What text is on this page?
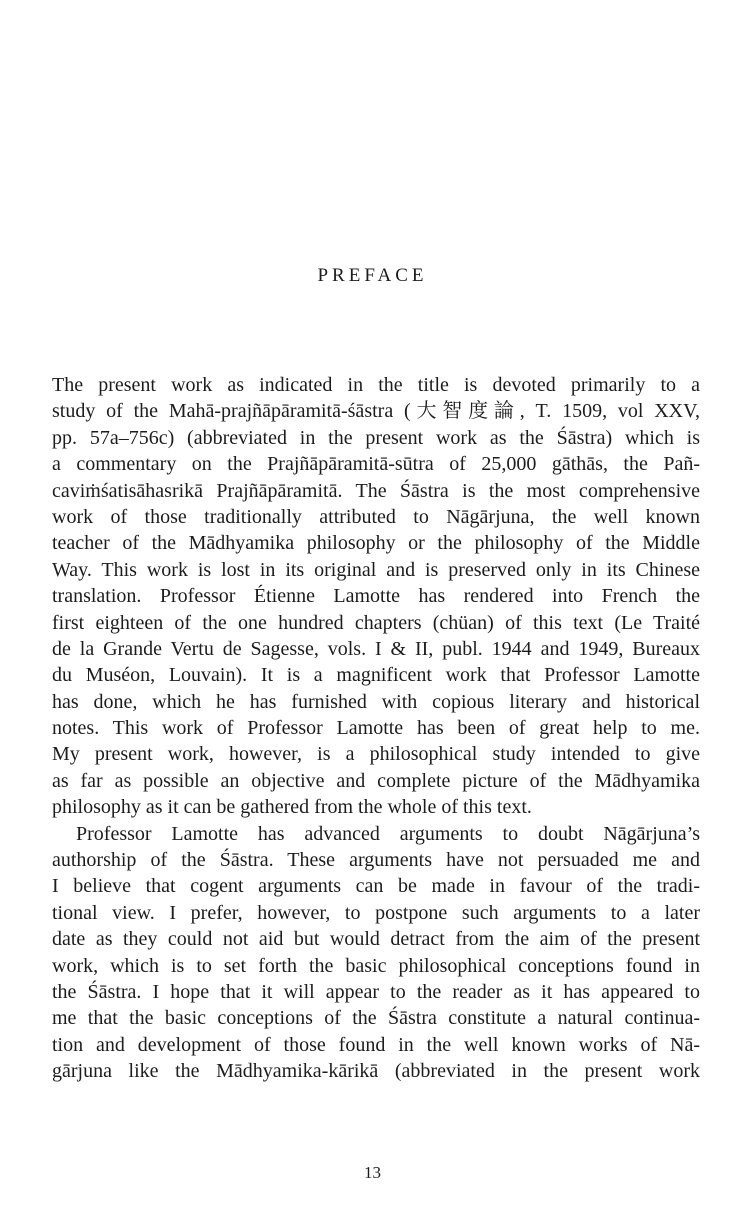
PREFACE
The present work as indicated in the title is devoted primarily to a
study of the Mahā-prajñāpāramitā-śāstra (大智度論, T. 1509, vol XXV,
pp. 57a–756c) (abbreviated in the present work as the Śāstra) which is
a commentary on the Prajñāpāramitā-sūtra of 25,000 gāthās, the Pañ-
caviṁśatisāhasrikā Prajñāpāramitā. The Śāstra is the most comprehensive
work of those traditionally attributed to Nāgārjuna, the well known
teacher of the Mādhyamika philosophy or the philosophy of the Middle
Way. This work is lost in its original and is preserved only in its Chinese
translation. Professor Étienne Lamotte has rendered into French the
first eighteen of the one hundred chapters (chüan) of this text (Le Traité
de la Grande Vertu de Sagesse, vols. I & II, publ. 1944 and 1949, Bureaux
du Muséon, Louvain). It is a magnificent work that Professor Lamotte
has done, which he has furnished with copious literary and historical
notes. This work of Professor Lamotte has been of great help to me.
My present work, however, is a philosophical study intended to give
as far as possible an objective and complete picture of the Mādhyamika
philosophy as it can be gathered from the whole of this text.
Professor Lamotte has advanced arguments to doubt Nāgārjuna’s
authorship of the Śāstra. These arguments have not persuaded me and
I believe that cogent arguments can be made in favour of the tradi-
tional view. I prefer, however, to postpone such arguments to a later
date as they could not aid but would detract from the aim of the present
work, which is to set forth the basic philosophical conceptions found in
the Śāstra. I hope that it will appear to the reader as it has appeared to
me that the basic conceptions of the Śāstra constitute a natural continua-
tion and development of those found in the well known works of Nā-
gārjuna like the Mādhyamika-kārikā (abbreviated in the present work

13
